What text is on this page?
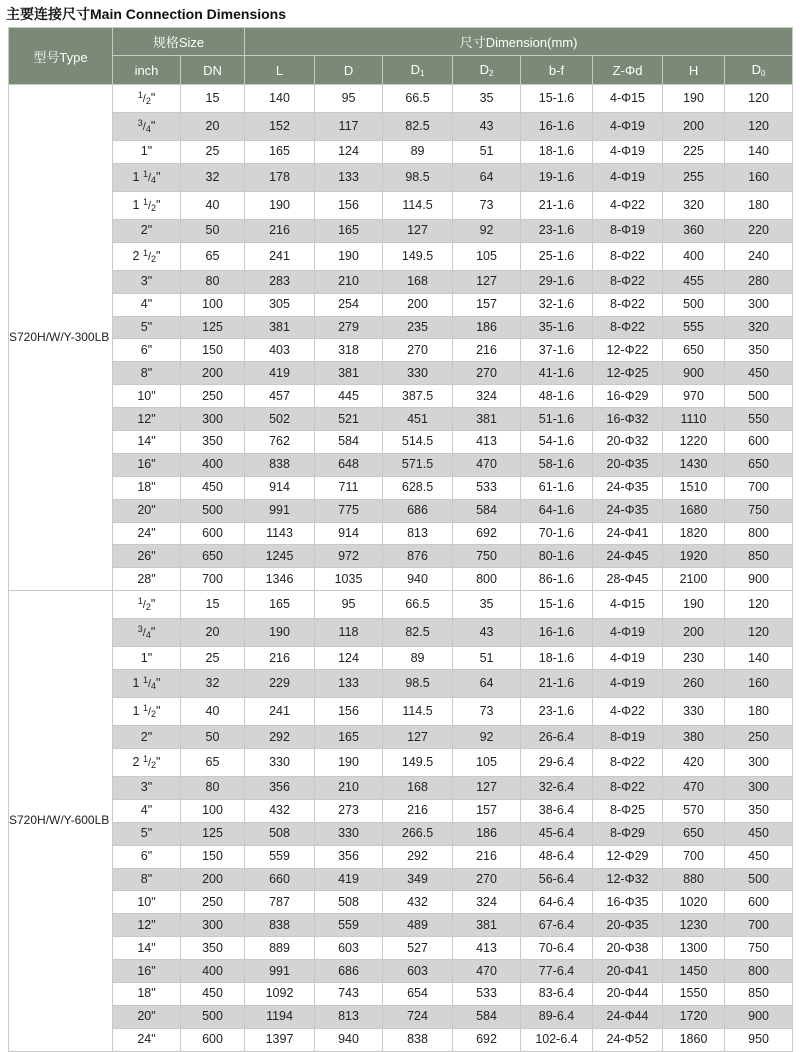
主要连接尺寸Main Connection Dimensions
型号Type	规格Size		尺寸Dimension(mm)							
	inch	DN	L	D	D1	D2	b-f	Z-Φd	H	D0
S720H/W/Y-300LB	$^1/_2$"	15	140	95	66.5	35	15-1.6	4-Φ15	190	120
	$^3/_4$"	20	152	117	82.5	43	16-1.6	4-Φ19	200	120
	1"	25	165	124	89	51	18-1.6	4-Φ19	225	140
	1 $^1/_4$"	32	178	133	98.5	64	19-1.6	4-Φ19	255	160
	1 $^1/_2$"	40	190	156	114.5	73	21-1.6	4-Φ22	320	180
	2"	50	216	165	127	92	23-1.6	8-Φ19	360	220
	2 $^1/_2$"	65	241	190	149.5	105	25-1.6	8-Φ22	400	240
	3"	80	283	210	168	127	29-1.6	8-Φ22	455	280
	4"	100	305	254	200	157	32-1.6	8-Φ22	500	300
	5"	125	381	279	235	186	35-1.6	8-Φ22	555	320
	6"	150	403	318	270	216	37-1.6	12-Φ22	650	350
	8"	200	419	381	330	270	41-1.6	12-Φ25	900	450
	10"	250	457	445	387.5	324	48-1.6	16-Φ29	970	500
	12"	300	502	521	451	381	51-1.6	16-Φ32	1110	550
	14"	350	762	584	514.5	413	54-1.6	20-Φ32	1220	600
	16"	400	838	648	571.5	470	58-1.6	20-Φ35	1430	650
	18"	450	914	711	628.5	533	61-1.6	24-Φ35	1510	700
	20"	500	991	775	686	584	64-1.6	24-Φ35	1680	750
	24"	600	1143	914	813	692	70-1.6	24-Φ41	1820	800
	26"	650	1245	972	876	750	80-1.6	24-Φ45	1920	850
	28"	700	1346	1035	940	800	86-1.6	28-Φ45	2100	900
S720H/W/Y-600LB	$^1/_2$"	15	165	95	66.5	35	15-1.6	4-Φ15	190	120
	$^3/_4$"	20	190	118	82.5	43	16-1.6	4-Φ19	200	120
	1"	25	216	124	89	51	18-1.6	4-Φ19	230	140
	1 $^1/_4$"	32	229	133	98.5	64	21-1.6	4-Φ19	260	160
	1 $^1/_2$"	40	241	156	114.5	73	23-1.6	4-Φ22	330	180
	2"	50	292	165	127	92	26-6.4	8-Φ19	380	250
	2 $^1/_2$"	65	330	190	149.5	105	29-6.4	8-Φ22	420	300
	3"	80	356	210	168	127	32-6.4	8-Φ22	470	300
	4"	100	432	273	216	157	38-6.4	8-Φ25	570	350
	5"	125	508	330	266.5	186	45-6.4	8-Φ29	650	450
	6"	150	559	356	292	216	48-6.4	12-Φ29	700	450
	8"	200	660	419	349	270	56-6.4	12-Φ32	880	500
	10"	250	787	508	432	324	64-6.4	16-Φ35	1020	600
	12"	300	838	559	489	381	67-6.4	20-Φ35	1230	700
	14"	350	889	603	527	413	70-6.4	20-Φ38	1300	750
	16"	400	991	686	603	470	77-6.4	20-Φ41	1450	800
	18"	450	1092	743	654	533	83-6.4	20-Φ44	1550	850
	20"	500	1194	813	724	584	89-6.4	24-Φ44	1720	900
	24"	600	1397	940	838	692	102-6.4	24-Φ52	1860	950
